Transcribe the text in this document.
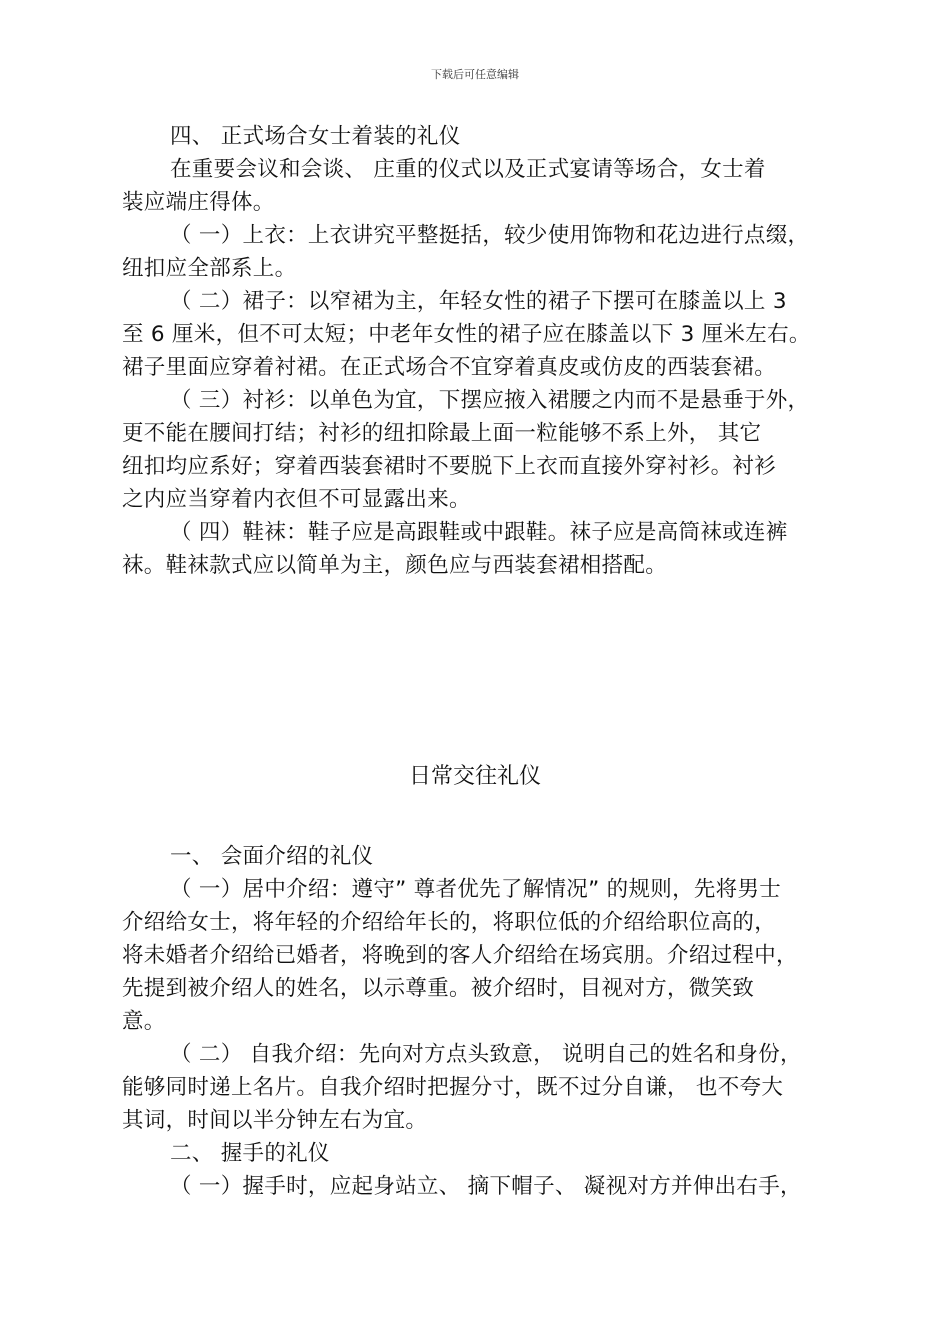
下载后可任意编辑
四、 正式场合女士着装的礼仪
在重要会议和会谈、 庄重的仪式以及正式宴请等场合，女士着
装应端庄得体。
（ 一）上衣：上衣讲究平整挺括，较少使用饰物和花边进行点缀，
纽扣应全部系上。
（ 二）裙子：以窄裙为主，年轻女性的裙子下摆可在膝盖以上 3
至 6 厘米，但不可太短；中老年女性的裙子应在膝盖以下 3 厘米左右。
裙子里面应穿着衬裙。在正式场合不宜穿着真皮或仿皮的西装套裙。
（ 三）衬衫：以单色为宜，下摆应掖入裙腰之内而不是悬垂于外，
更不能在腰间打结；衬衫的纽扣除最上面一粒能够不系上外， 其它
纽扣均应系好；穿着西装套裙时不要脱下上衣而直接外穿衬衫。衬衫
之内应当穿着内衣但不可显露出来。
（ 四）鞋袜：鞋子应是高跟鞋或中跟鞋。袜子应是高筒袜或连裤
袜。鞋袜款式应以简单为主，颜色应与西装套裙相搭配。
日常交往礼仪
一、 会面介绍的礼仪
（ 一）居中介绍：遵守” 尊者优先了解情况” 的规则，先将男士
介绍给女士，将年轻的介绍给年长的，将职位低的介绍给职位高的，
将未婚者介绍给已婚者，将晚到的客人介绍给在场宾朋。介绍过程中，
先提到被介绍人的姓名，以示尊重。被介绍时，目视对方，微笑致
意。
（ 二） 自我介绍：先向对方点头致意， 说明自己的姓名和身份，
能够同时递上名片。自我介绍时把握分寸，既不过分自谦， 也不夸大
其词，时间以半分钟左右为宜。
二、 握手的礼仪
（ 一）握手时，应起身站立、 摘下帽子、 凝视对方并伸出右手，
